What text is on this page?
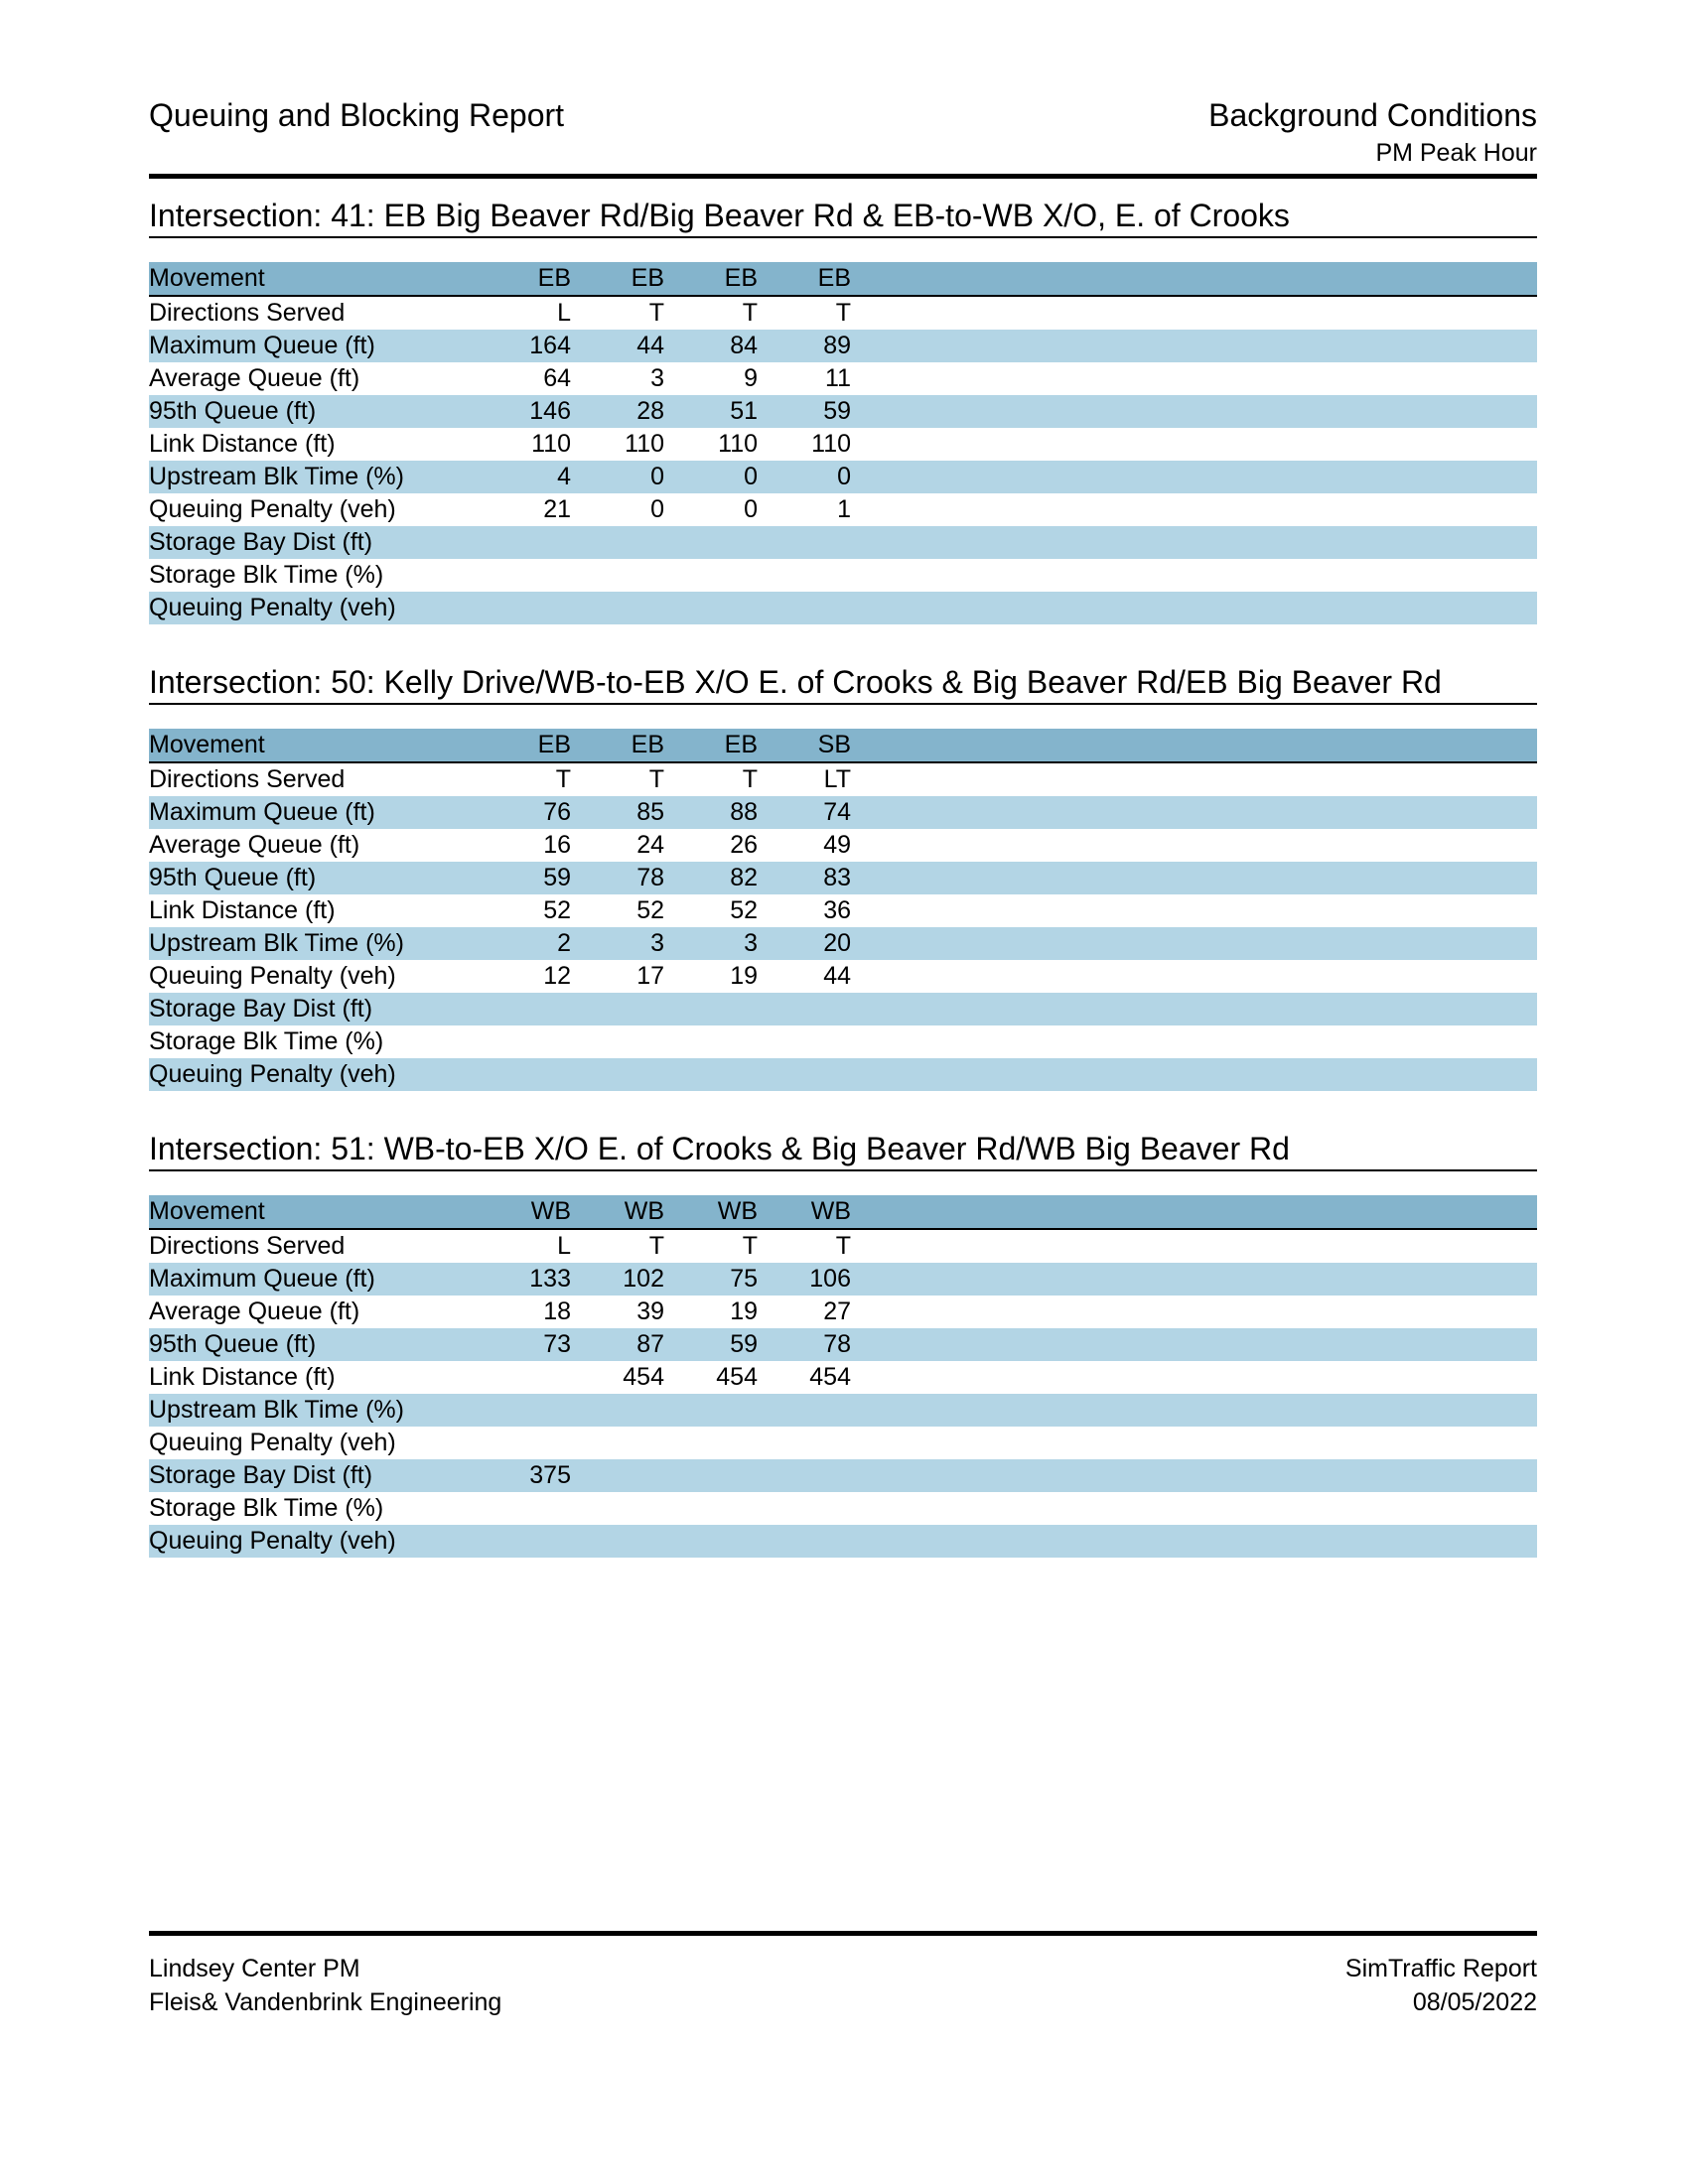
Queuing and Blocking Report	Background Conditions
PM Peak Hour
Intersection: 41: EB Big Beaver Rd/Big Beaver Rd & EB-to-WB X/O, E. of Crooks
Movement	EB	EB	EB	EB	
Directions Served	L	T	T	T	
Maximum Queue (ft)	164	44	84	89	
Average Queue (ft)	64	3	9	11	
95th Queue (ft)	146	28	51	59	
Link Distance (ft)	110	110	110	110	
Upstream Blk Time (%)	4	0	0	0	
Queuing Penalty (veh)	21	0	0	1	
Storage Bay Dist (ft)					
Storage Blk Time (%)					
Queuing Penalty (veh)					
Intersection: 50: Kelly Drive/WB-to-EB X/O E. of Crooks & Big Beaver Rd/EB Big Beaver Rd
Movement	EB	EB	EB	SB	
Directions Served	T	T	T	LT	
Maximum Queue (ft)	76	85	88	74	
Average Queue (ft)	16	24	26	49	
95th Queue (ft)	59	78	82	83	
Link Distance (ft)	52	52	52	36	
Upstream Blk Time (%)	2	3	3	20	
Queuing Penalty (veh)	12	17	19	44	
Storage Bay Dist (ft)					
Storage Blk Time (%)					
Queuing Penalty (veh)					
Intersection: 51: WB-to-EB X/O E. of Crooks & Big Beaver Rd/WB Big Beaver Rd
Movement	WB	WB	WB	WB	
Directions Served	L	T	T	T	
Maximum Queue (ft)	133	102	75	106	
Average Queue (ft)	18	39	19	27	
95th Queue (ft)	73	87	59	78	
Link Distance (ft)		454	454	454	
Upstream Blk Time (%)					
Queuing Penalty (veh)					
Storage Bay Dist (ft)	375				
Storage Blk Time (%)					
Queuing Penalty (veh)					
Lindsey Center PM
Fleis& Vandenbrink Engineering
SimTraffic Report
08/05/2022
